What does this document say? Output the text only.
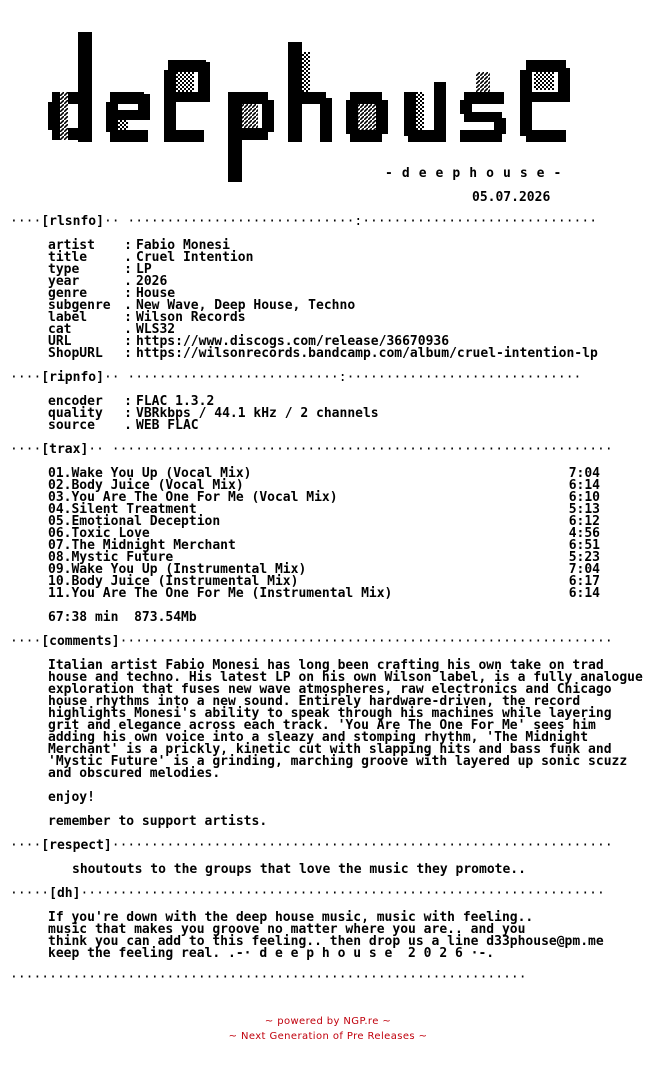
- d e e p h o u s e -

05.07.2026

····[rlsnfo]·· ·····························:······························

artist : Fabio Monesi

title	. Cruel Intention

type	: LP

year	. 2026

genre	: House

subgenre . New Wave, Deep House, Techno

label	: Wilson Records

cat	. WLS32

URL	: https://www.discogs.com/release/36670936

ShopURL : https://wilsonrecords.bandcamp.com/album/cruel-intention-lp

····[ripnfo]·· ···························:······························

encoder : FLAC 1.3.2

quality : VBRkbps / 44.1 kHz / 2 channels

source . WEB FLAC

····[trax]·· ································································

01.Wake You Up (Vocal Mix)	7:04

02.Body Juice (Vocal Mix)	6:14

03.You Are The One For Me (Vocal Mix)	6:10

04.Silent Treatment	5:13

05.Emotional Deception	6:12

06.Toxic Love	4:56

07.The Midnight Merchant	6:51

08.Mystic Future	5:23

09.Wake You Up (Instrumental Mix)	7:04

10.Body Juice (Instrumental Mix)	6:17

11.You Are The One For Me (Instrumental Mix)	6:14

67:38 min  873.54Mb

····[comments]·······························································

Italian artist Fabio Monesi has long been crafting his own take on trad house and techno. His latest LP on his own Wilson label, is a fully analogue exploration that fuses new wave atmospheres, raw electronics and Chicago house rhythms into a new sound. Entirely hardware-driven, the record highlights Monesi's ability to speak through his machines while layering grit and elegance across each track. 'You Are The One For Me' sees him adding his own voice into a sleazy and stomping rhythm, 'The Midnight Merchant' is a prickly, kinetic cut with slapping hits and bass funk and 'Mystic Future' is a grinding, marching groove with layered up sonic scuzz and obscured melodies.

enjoy!

remember to support artists.

····[respect]································································

shoutouts to the groups that love the music they promote..

·····[dh]···································································

If you're down with the deep house music, music with feeling..

music that makes you groove no matter where you are.. and you

think you can add to this feeling.. then drop us a line d33phouse@pm.me

keep the feeling real. .-· d e e p h o u s e  2 0 2 6 ·-.

··································································

~ powered by NGP.re ~

~ Next Generation of Pre Releases ~
